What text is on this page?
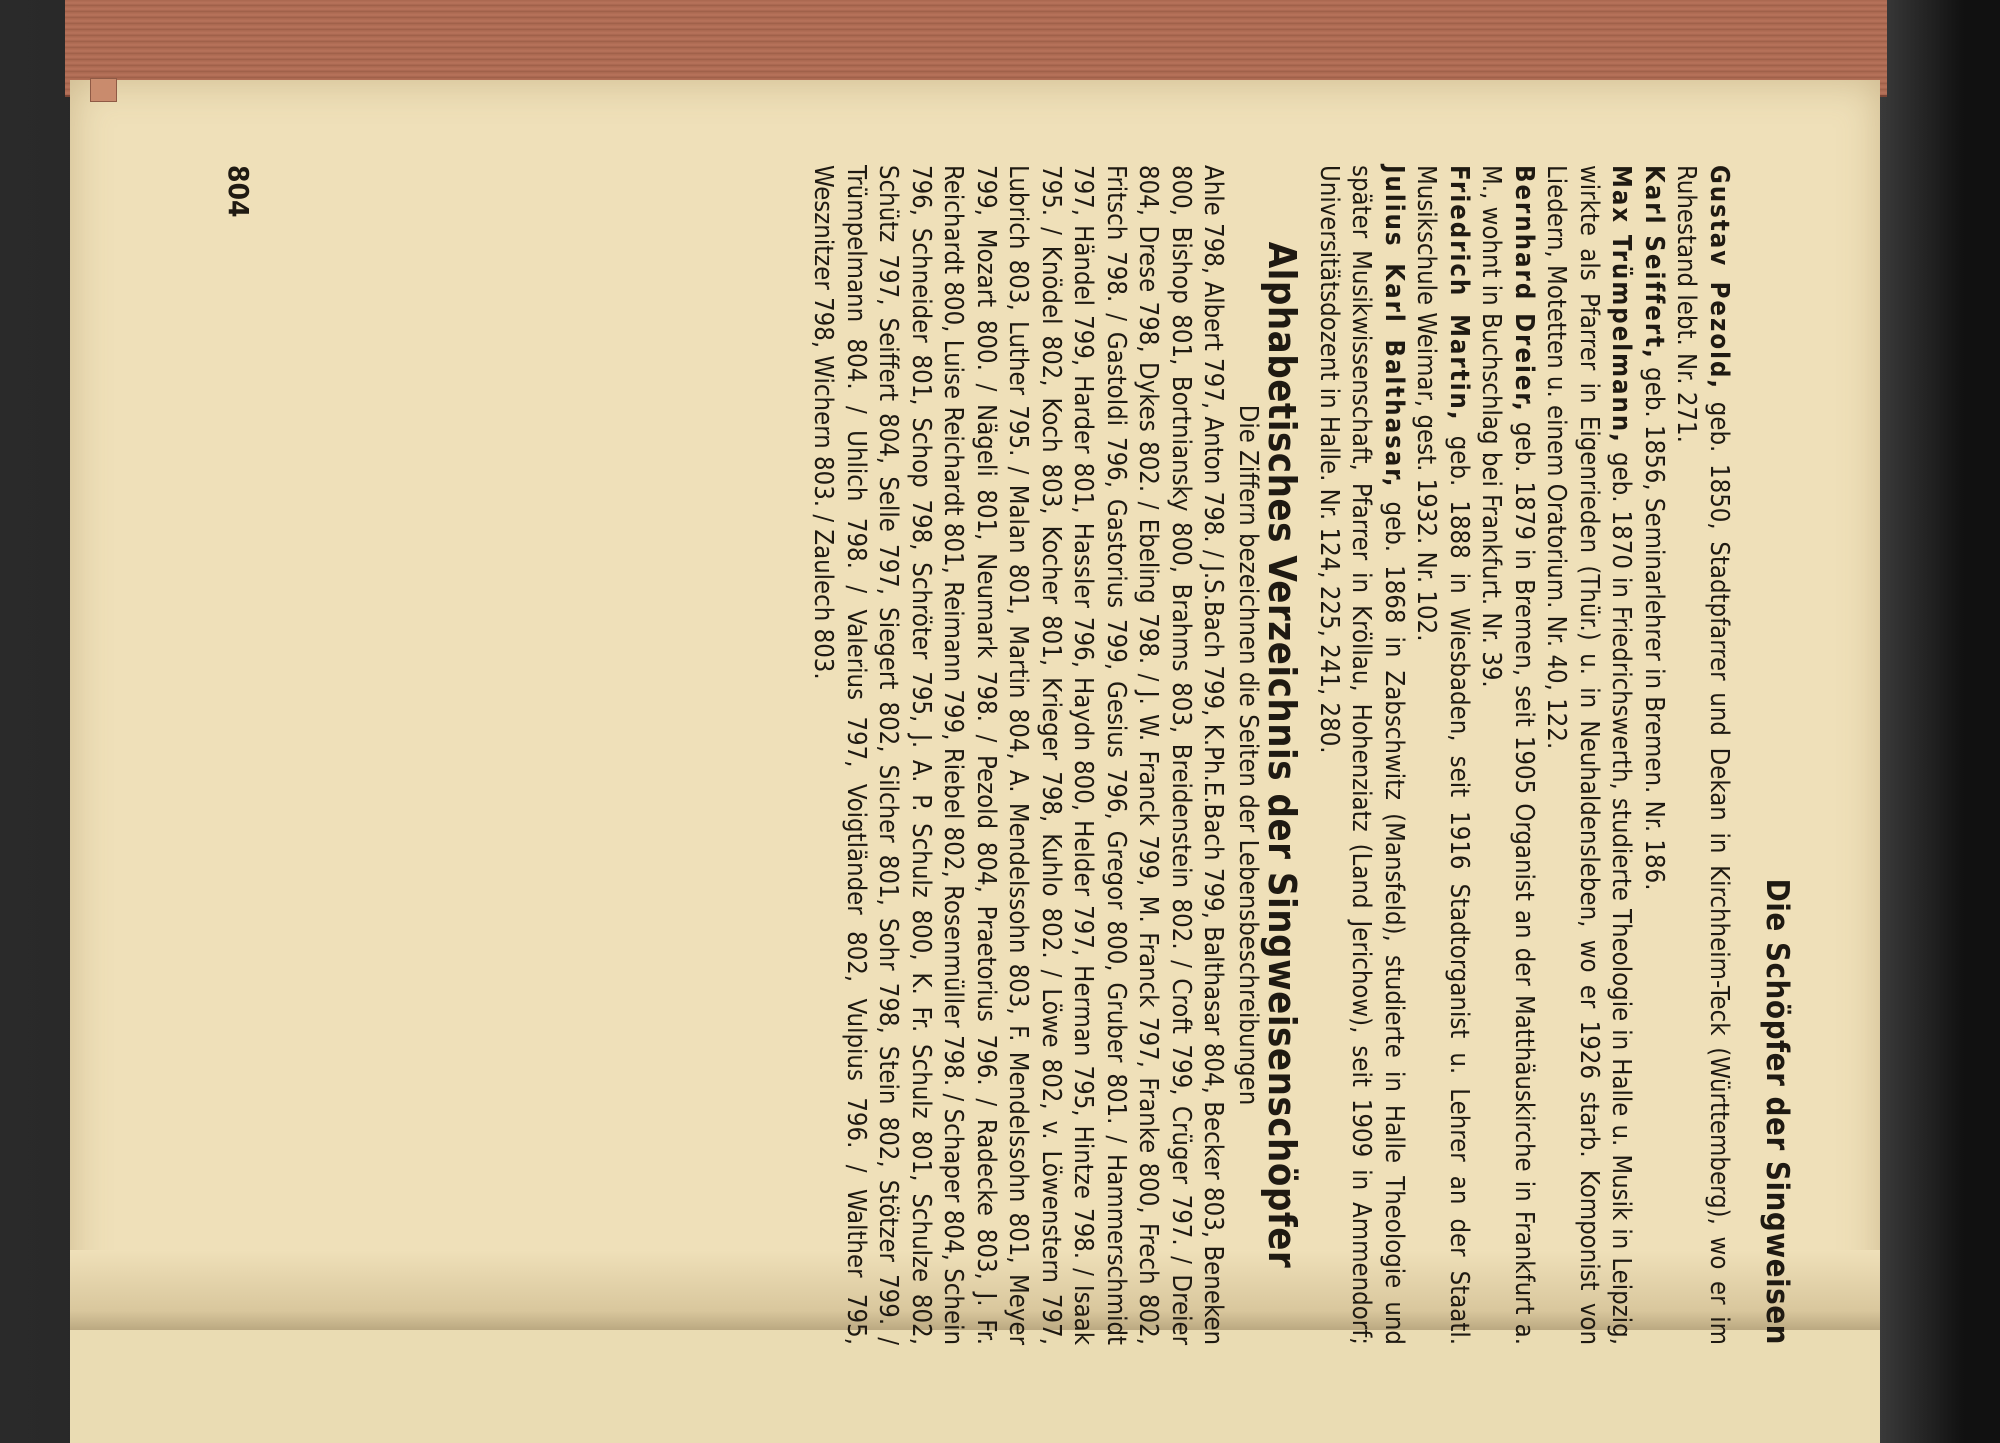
Die Schöpfer der Singweisen

Gustav Pezold, geb. 1850, Stadtpfarrer und Dekan in Kirchheim-Teck (Württemberg), wo er im Ruhestand lebt. Nr. 271.

Karl Seiffert, geb. 1856, Seminarlehrer in Bremen. Nr. 186.

Max Trümpelmann, geb. 1870 in Friedrichswerth, studierte Theologie in Halle u. Musik in Leipzig, wirkte als Pfarrer in Eigenrieden (Thür.) u. in Neuhaldensleben, wo er 1926 starb. Komponist von Liedern, Motetten u. einem Oratorium. Nr. 40, 122.

Bernhard Dreier, geb. 1879 in Bremen, seit 1905 Organist an der Matthäuskirche in Frankfurt a. M., wohnt in Buchschlag bei Frankfurt. Nr. 39.

Friedrich Martin, geb. 1888 in Wiesbaden, seit 1916 Stadtorganist u. Lehrer an der Staatl. Musikschule Weimar, gest. 1932. Nr. 102.

Julius Karl Balthasar, geb. 1868 in Zabschwitz (Mansfeld), studierte in Halle Theologie und später Musikwissenschaft, Pfarrer in Kröllau, Hohenziatz (Land Jerichow), seit 1909 in Ammendorf; Universitätsdozent in Halle. Nr. 124, 225, 241, 280.

Alphabetisches Verzeichnis der Singweisenschöpfer
Die Ziffern bezeichnen die Seiten der Lebensbeschreibungen

Ahle 798, Albert 797, Anton 798. / J.S.Bach 799, K.Ph.E.Bach 799, Balthasar 804, Becker 803, Beneken 800, Bishop 801, Bortniansky 800, Brahms 803, Breidenstein 802. / Croft 799, Crüger 797. / Dreier 804, Drese 798, Dykes 802. / Ebeling 798. / J. W. Franck 799, M. Franck 797, Franke 800, Frech 802, Fritsch 798. / Gastoldi 796, Gastorius 799, Gesius 796, Gregor 800, Gruber 801. / Hammerschmidt 797, Händel 799, Harder 801, Hassler 796, Haydn 800, Helder 797, Herman 795, Hintze 798. / Isaak 795. / Knödel 802, Koch 803, Kocher 801, Krieger 798, Kuhlo 802. / Löwe 802, v. Löwenstern 797, Lubrich 803, Luther 795. / Malan 801, Martin 804, A. Mendelssohn 803, F. Mendelssohn 801, Meyer 799, Mozart 800. / Nägeli 801, Neumark 798. / Pezold 804, Praetorius 796. / Radecke 803, J. Fr. Reichardt 800, Luise Reichardt 801, Reimann 799, Riebel 802, Rosenmüller 798. / Schaper 804, Schein 796, Schneider 801, Schop 798, Schröter 795, J. A. P. Schulz 800, K. Fr. Schulz 801, Schulze 802, Schütz 797, Seiffert 804, Selle 797, Siegert 802, Silcher 801, Sohr 798, Stein 802, Stötzer 799. / Trümpelmann 804. / Uhlich 798. / Valerius 797, Voigtländer 802, Vulpius 796. / Walther 795, Wesznitzer 798, Wichern 803. / Zaulech 803.

804
